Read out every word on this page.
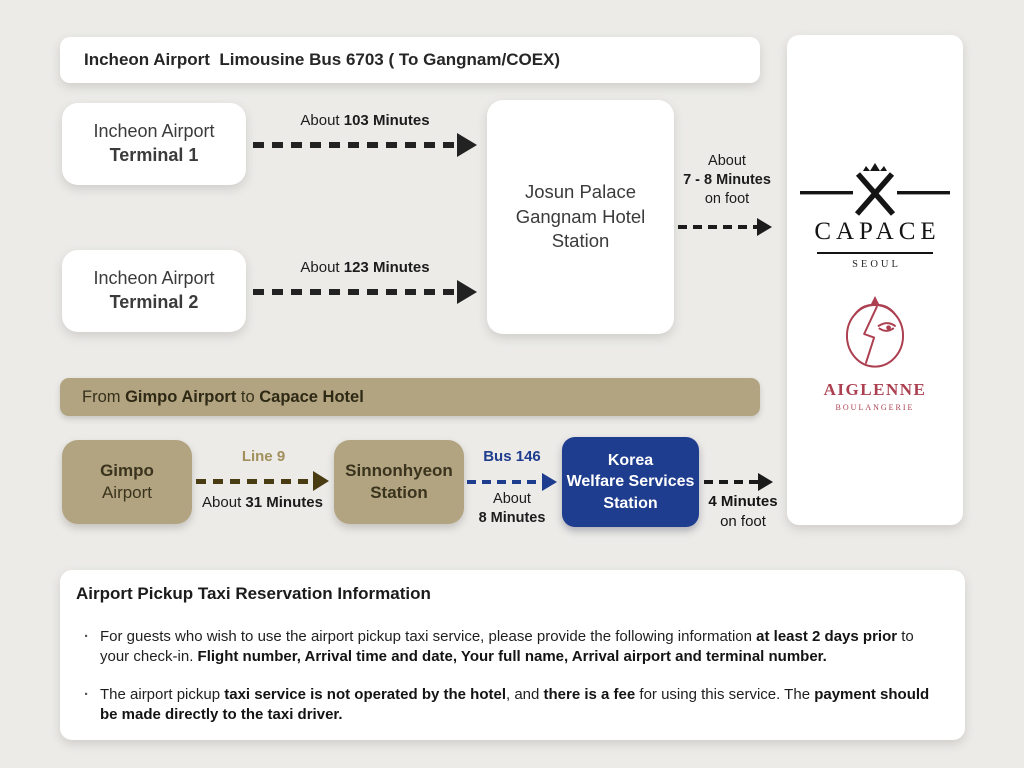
Incheon Airport  Limousine Bus 6703 ( To Gangnam/COEX)
Incheon Airport
Terminal 1
Incheon Airport
Terminal 2
About 103 Minutes
About 123 Minutes
Josun Palace
Gangnam Hotel
Station
About
7 - 8 Minutes
on foot
CAPACE
SEOUL
AIGLENNE
BOULANGERIE
From Gimpo Airport to Capace Hotel
Gimpo
Airport
Line 9
About 31 Minutes
Sinnonhyeon
Station
Bus 146
About
8 Minutes
Korea
Welfare Services
Station	4 Minutes
on foot
Airport Pickup Taxi Reservation Information
· For guests who wish to use the airport pickup taxi service, please provide the following information at least 2 days prior to your check-in. Flight number, Arrival time and date, Your full name, Arrival airport and terminal number.
· The airport pickup taxi service is not operated by the hotel, and there is a fee for using this service. The payment should be made directly to the taxi driver.
